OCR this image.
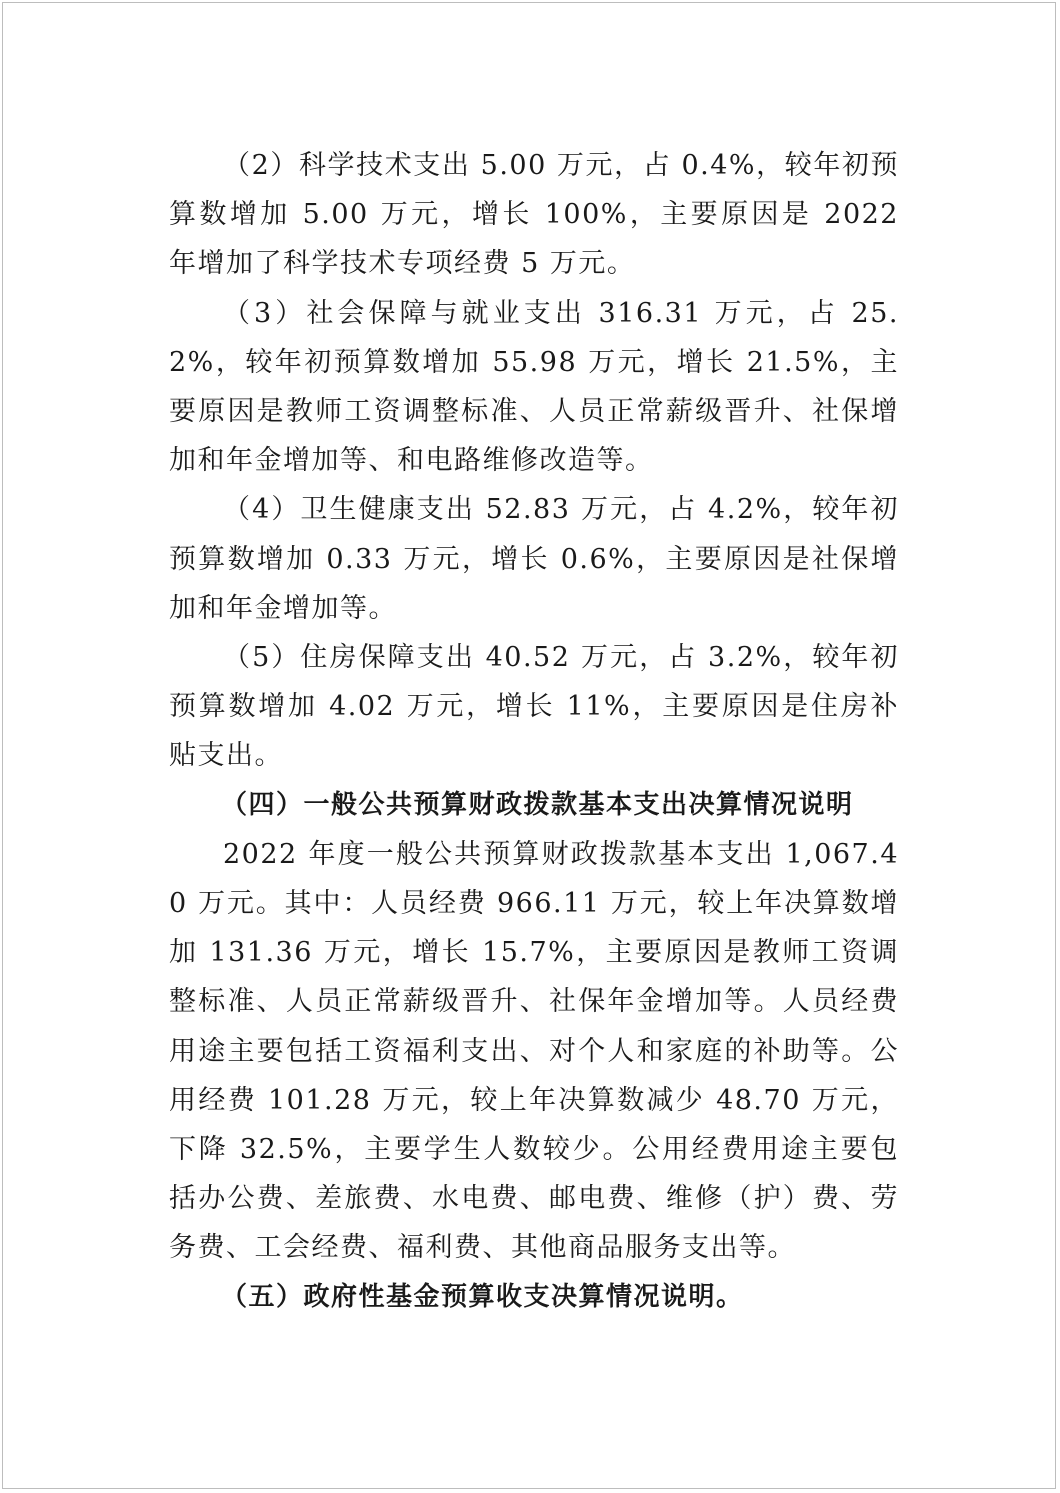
（2）科学技术支出 5.00 万元，占 0.4%，较年初预算数增加 5.00 万元，增长 100%，主要原因是 2022 年增加了科学技术专项经费 5 万元。

（3）社会保障与就业支出 316.31 万元，占 25.2%，较年初预算数增加 55.98 万元，增长 21.5%，主要原因是教师工资调整标准、人员正常薪级晋升、社保增加和年金增加等、和电路维修改造等。

（4）卫生健康支出 52.83 万元，占 4.2%，较年初预算数增加 0.33 万元，增长 0.6%，主要原因是社保增加和年金增加等。

（5）住房保障支出 40.52 万元，占 3.2%，较年初预算数增加 4.02 万元，增长 11%，主要原因是住房补贴支出。

（四）一般公共预算财政拨款基本支出决算情况说明

2022 年度一般公共预算财政拨款基本支出 1,067.40 万元。其中：人员经费 966.11 万元，较上年决算数增加 131.36 万元，增长 15.7%，主要原因是教师工资调整标准、人员正常薪级晋升、社保年金增加等。人员经费用途主要包括工资福利支出、对个人和家庭的补助等。公用经费 101.28 万元，较上年决算数减少 48.70 万元，下降 32.5%，主要学生人数较少。公用经费用途主要包括办公费、差旅费、水电费、邮电费、维修（护）费、劳务费、工会经费、福利费、其他商品服务支出等。

（五）政府性基金预算收支决算情况说明。
